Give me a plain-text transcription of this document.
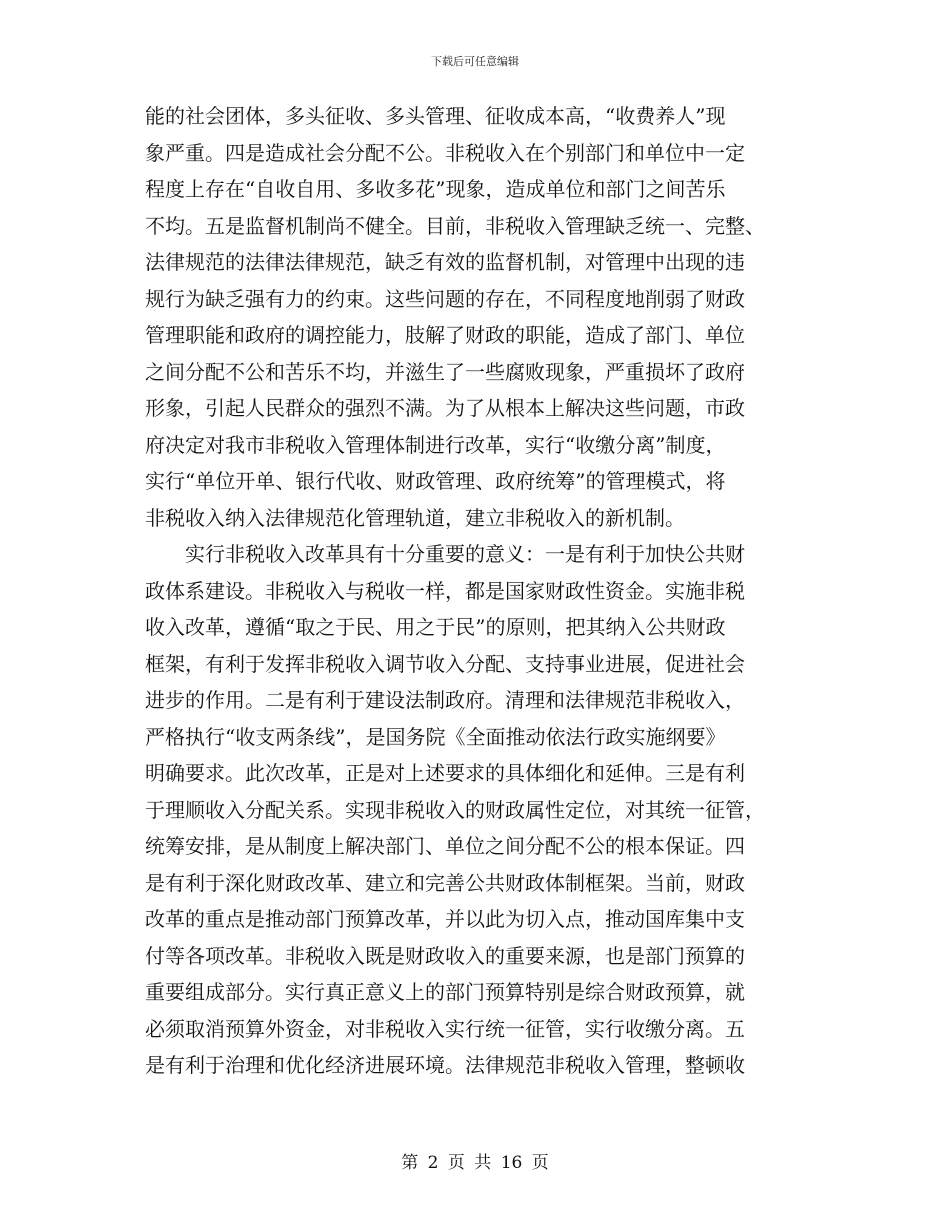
下载后可任意编辑
能的社会团体，多头征收、多头管理、征收成本高，“收费养人”现
象严重。四是造成社会分配不公。非税收入在个别部门和单位中一定
程度上存在“自收自用、多收多花”现象，造成单位和部门之间苦乐
不均。五是监督机制尚不健全。目前，非税收入管理缺乏统一、完整、
法律规范的法律法律规范，缺乏有效的监督机制，对管理中出现的违
规行为缺乏强有力的约束。这些问题的存在，不同程度地削弱了财政
管理职能和政府的调控能力，肢解了财政的职能，造成了部门、单位
之间分配不公和苦乐不均，并滋生了一些腐败现象，严重损坏了政府
形象，引起人民群众的强烈不满。为了从根本上解决这些问题，市政
府决定对我市非税收入管理体制进行改革，实行“收缴分离”制度，
实行“单位开单、银行代收、财政管理、政府统筹”的管理模式，将
非税收入纳入法律规范化管理轨道，建立非税收入的新机制。
　　实行非税收入改革具有十分重要的意义：一是有利于加快公共财
政体系建设。非税收入与税收一样，都是国家财政性资金。实施非税
收入改革，遵循“取之于民、用之于民”的原则，把其纳入公共财政
框架，有利于发挥非税收入调节收入分配、支持事业进展，促进社会
进步的作用。二是有利于建设法制政府。清理和法律规范非税收入，
严格执行“收支两条线”，是国务院《全面推动依法行政实施纲要》
明确要求。此次改革，正是对上述要求的具体细化和延伸。三是有利
于理顺收入分配关系。实现非税收入的财政属性定位，对其统一征管，
统筹安排，是从制度上解决部门、单位之间分配不公的根本保证。四
是有利于深化财政改革、建立和完善公共财政体制框架。当前，财政
改革的重点是推动部门预算改革，并以此为切入点，推动国库集中支
付等各项改革。非税收入既是财政收入的重要来源，也是部门预算的
重要组成部分。实行真正意义上的部门预算特别是综合财政预算，就
必须取消预算外资金，对非税收入实行统一征管，实行收缴分离。五
是有利于治理和优化经济进展环境。法律规范非税收入管理，整顿收
第 2 页 共 16 页
